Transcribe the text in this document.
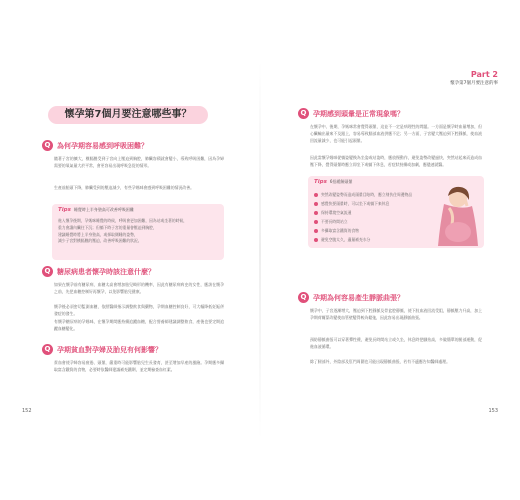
懷孕第7個月要注意哪些事？
Q 為何孕期容易感到呼吸困難？
隨著子宮的擴大，橫膈膜受到子宮向上壓迫到胸腔，肺臟容積就會變小，導致呼吸困難，因為孕婦需要的氧氣量大於平常，會更容易出現呼吸急促的情形。
生產前胎頭下降，肺臟受到的壓迫減少，有些孕媽咪會感到呼吸困難的情況改善。
Tips 睡覺時上半身墊高可改善呼吸困難
進入懷孕後期，孕媽咪睡覺的時候，呼吸會更加困難，因為站或坐著的時候，
重力會讓內臟往下沉；但躺下時子宮的重量會壓迫到胸腔，
建議睡覺時將上半身墊高，或採取側睡的姿勢，
減少子宮對橫膈膜的壓迫，改善呼吸困難的狀況。
Q 糖尿病患者懷孕時該注意什麼？
如果在懷孕前有糖尿病，血糖太高會增加胎兒畸形的機率，因此有糖尿病病史的女性，應該在懷孕之前，先把血糖控制好再懷孕，以免影響胎兒健康。
懷孕後必須密切監測血糖，依照醫師指示調整飲食與藥物，孕期血糖控制良好，可大幅降低妊娠併發症的發生。
有懷孕糖尿病的孕媽咪，在懷孕期間應持續追蹤血糖，配合營養師建議調整飲食，產後也要定期追蹤血糖變化。
Q 孕期貧血對孕婦及胎兒有何影響？
貧血會使孕婦容易疲倦、頭暈，嚴重時可能影響胎兒生長發育，甚至增加早產的風險。孕期應多攝取富含鐵質的食物，必要時依醫師建議補充鐵劑，並定期檢查血紅素。
152
Part 2
懷孕第7個月要注意的事
Q 孕期感到頭暈是正常現象嗎？
在懷孕中、後期，孕媽咪常會覺得頭暈，這並不一定是病理性的問題。一方面是懷孕時血量增加，但心臟輸出量來不及跟上，容易導致腦部血液供應不足；另一方面，子宮變大壓迫到下腔靜脈，使血液回流量減少，也可能引起頭暈。
因此當懷孕媽咪從躺姿變換為坐姿或站姿時，應放慢動作，避免姿勢改變過快，突然站起來而造成血壓下降，覺得頭暈時應立即坐下或躺下休息，若症狀持續或加劇，應儘速就醫。
Tips 6招緩解頭暈
突然改變姿勢而造成頭暈目眩時，應立刻扶住周邊物品
感覺快要頭暈時，可以坐下或躺下來休息
保持環境空氣流通
不要長時間站立
多攝取富含鐵質的食物
避免空腹太久，適量補充水分
Q 孕期為何容易產生靜脈曲張？
懷孕中，子宮逐漸增大，壓迫到下腔靜脈及骨盆腔靜脈，使下肢血液回流受阻，靜脈壓力升高，加上孕期荷爾蒙改變使血管壁變得較為鬆弛，因此容易出現靜脈曲張。
預防靜脈曲張可以穿著彈性襪，避免長時間站立或久坐，休息時把腳抬高，多做簡單的腿部運動，促進血液循環。
除了腿部外，外陰部及肛門周圍也可能出現靜脈曲張，若有不適應告知醫師處理。
153
